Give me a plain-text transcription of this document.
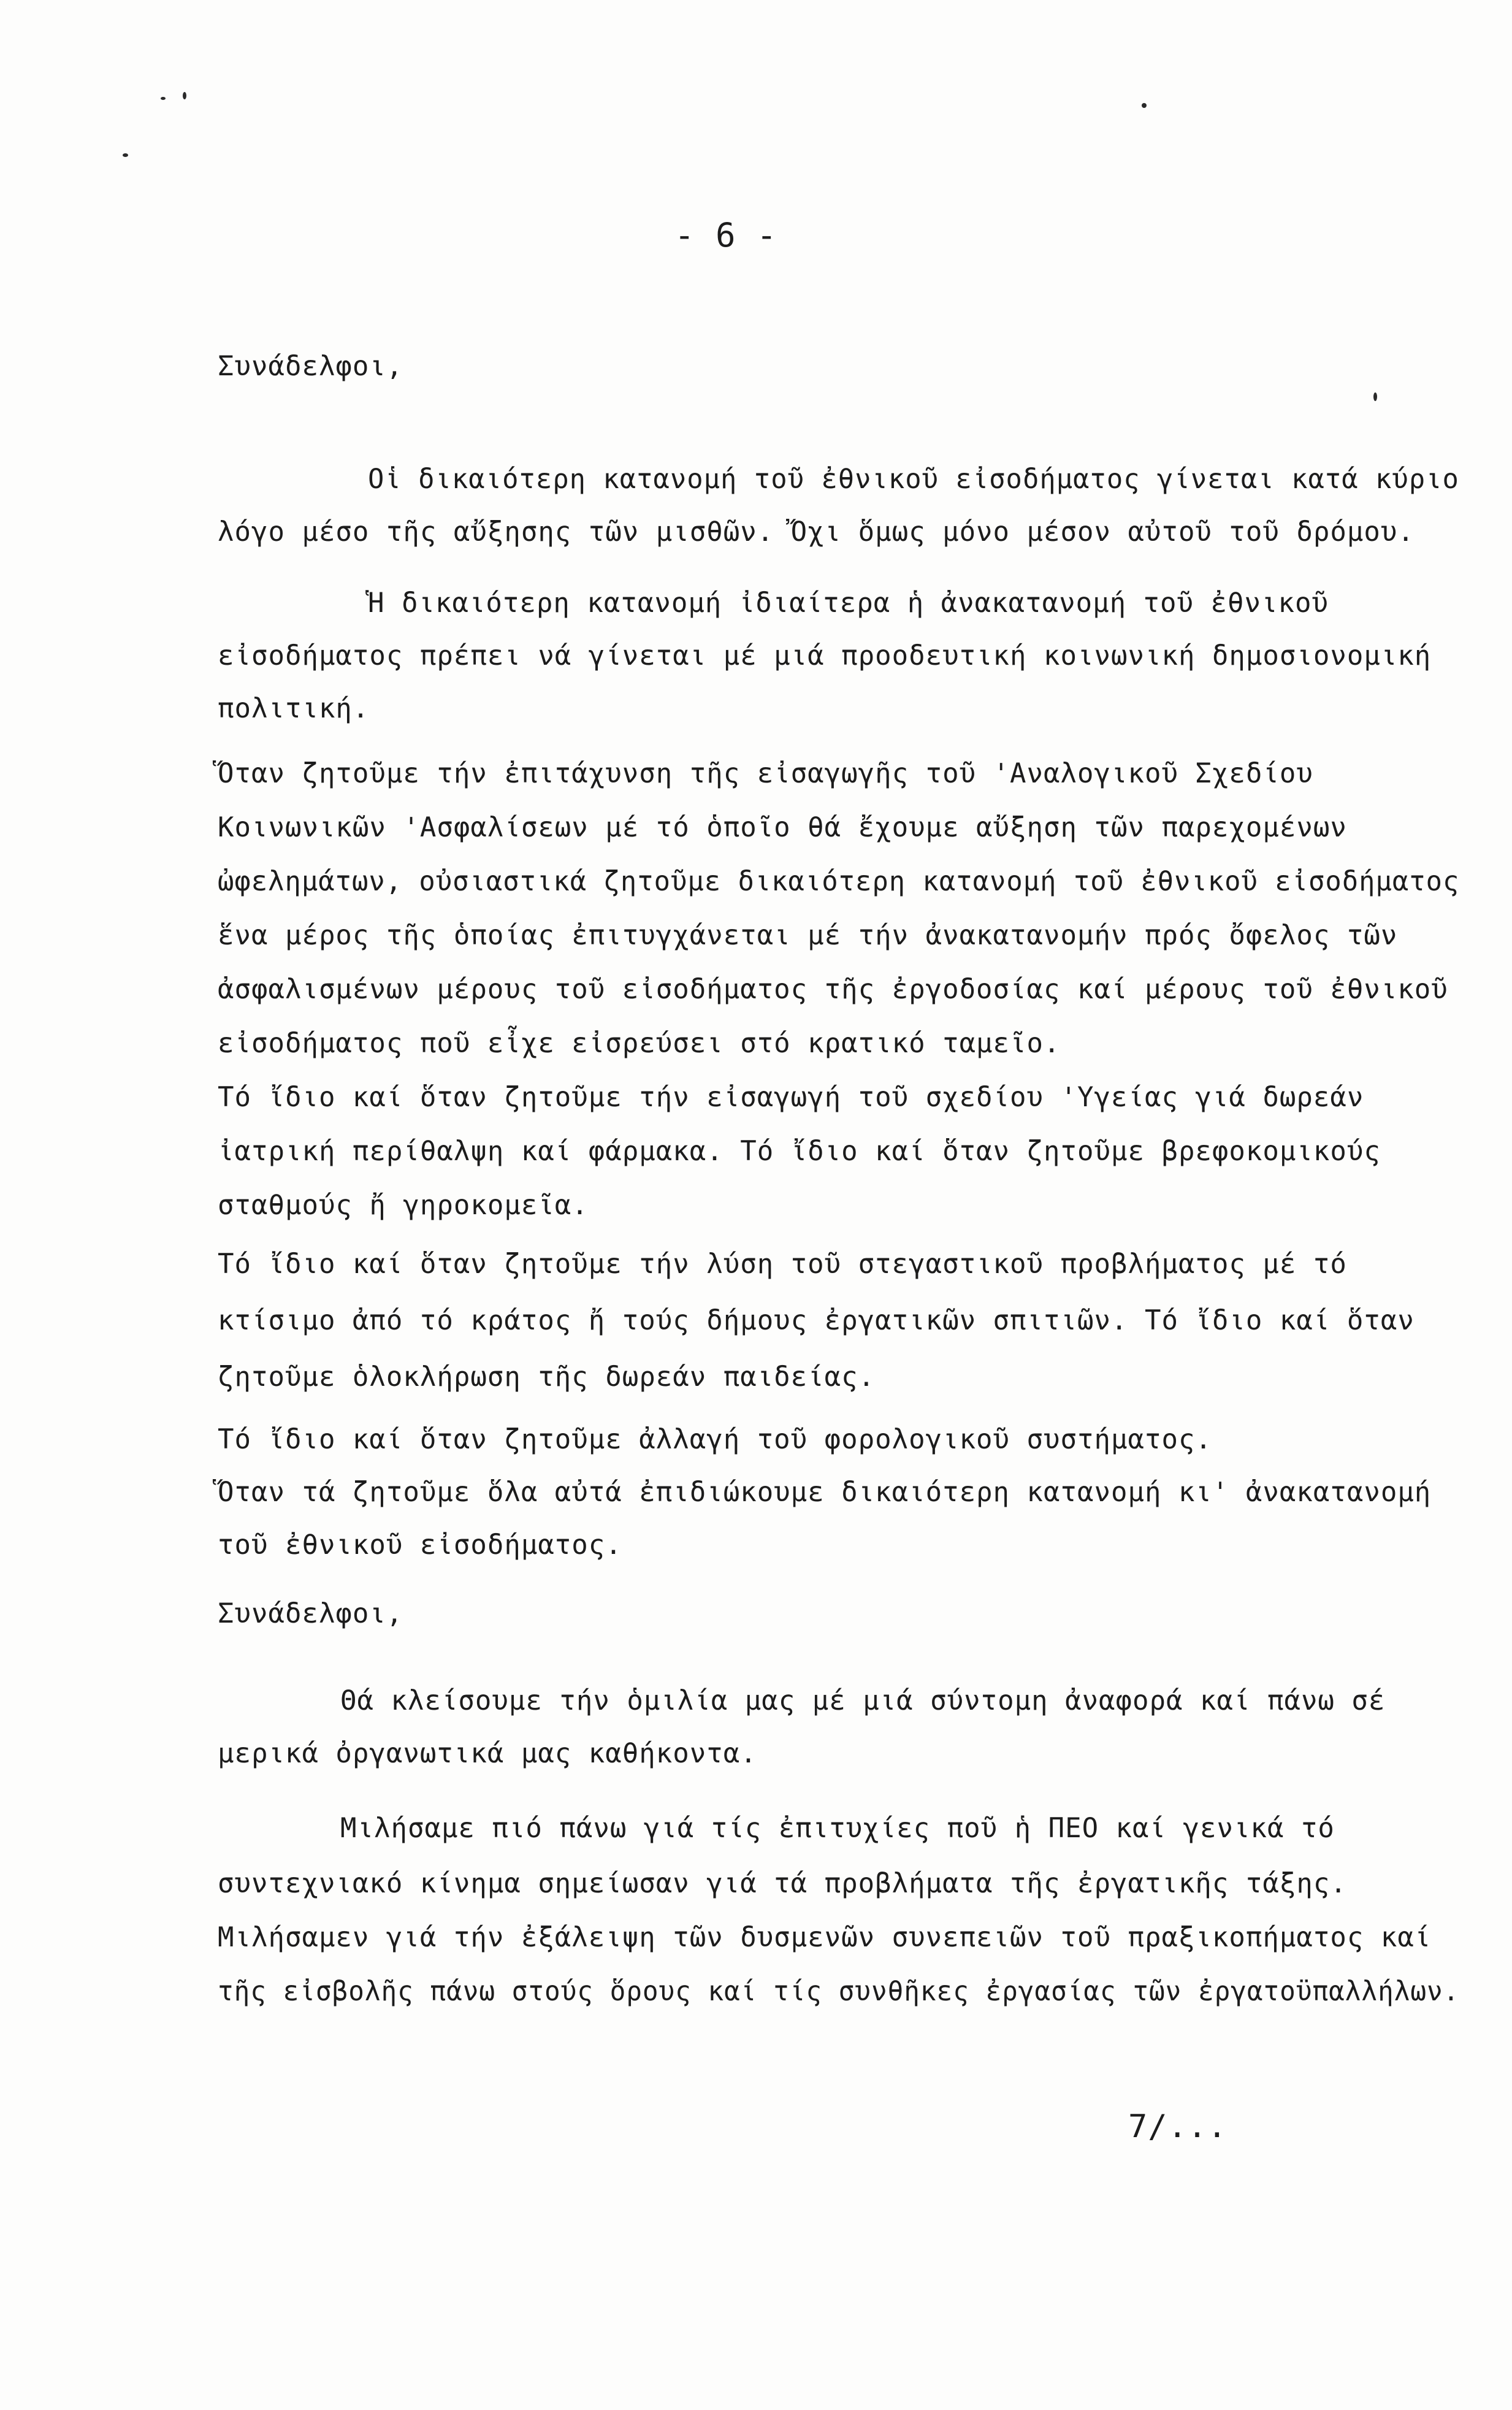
- 6 -
Συνάδελφοι,
Οἱ δικαιότερη κατανομή τοῦ ἐθνικοῦ εἰσοδήματος γίνεται κατά κύριο
λόγο μέσο τῆς αὔξησης τῶν μισθῶν. Ὄχι ὅμως μόνο μέσον αὐτοῦ τοῦ δρόμου.
Ἡ δικαιότερη κατανομή ἰδιαίτερα ἡ ἀνακατανομή τοῦ ἐθνικοῦ
εἰσοδήματος πρέπει νά γίνεται μέ μιά προοδευτική κοινωνική δημοσιονομική
πολιτική.
Ὅταν ζητοῦμε τήν ἐπιτάχυνση τῆς εἰσαγωγῆς τοῦ 'Αναλογικοῦ Σχεδίου
Κοινωνικῶν 'Ασφαλίσεων μέ τό ὁποῖο θά ἔχουμε αὔξηση τῶν παρεχομένων
ὠφελημάτων, οὐσιαστικά ζητοῦμε δικαιότερη κατανομή τοῦ ἐθνικοῦ εἰσοδήματος
ἕνα μέρος τῆς ὁποίας ἐπιτυγχάνεται μέ τήν ἀνακατανομήν πρός ὄφελος τῶν
ἀσφαλισμένων μέρους τοῦ εἰσοδήματος τῆς ἐργοδοσίας καί μέρους τοῦ ἐθνικοῦ
εἰσοδήματος ποῦ εἶχε εἰσρεύσει στό κρατικό ταμεῖο.
Τό ἴδιο καί ὅταν ζητοῦμε τήν εἰσαγωγή τοῦ σχεδίου 'Υγείας γιά δωρεάν
ἰατρική περίθαλψη καί φάρμακα. Τό ἴδιο καί ὅταν ζητοῦμε βρεφοκομικούς
σταθμούς ἤ γηροκομεῖα.
Τό ἴδιο καί ὅταν ζητοῦμε τήν λύση τοῦ στεγαστικοῦ προβλήματος μέ τό
κτίσιμο ἀπό τό κράτος ἤ τούς δήμους ἐργατικῶν σπιτιῶν. Τό ἴδιο καί ὅταν
ζητοῦμε ὁλοκλήρωση τῆς δωρεάν παιδείας.
Τό ἴδιο καί ὅταν ζητοῦμε ἀλλαγή τοῦ φορολογικοῦ συστήματος.
Ὅταν τά ζητοῦμε ὅλα αὐτά ἐπιδιώκουμε δικαιότερη κατανομή κι' ἀνακατανομή
τοῦ ἐθνικοῦ εἰσοδήματος.
Συνάδελφοι,
Θά κλείσουμε τήν ὁμιλία μας μέ μιά σύντομη ἀναφορά καί πάνω σέ
μερικά ὀργανωτικά μας καθήκοντα.
Μιλήσαμε πιό πάνω γιά τίς ἐπιτυχίες ποῦ ἡ ΠΕΟ καί γενικά τό
συντεχνιακό κίνημα σημείωσαν γιά τά προβλήματα τῆς ἐργατικῆς τάξης.
Μιλήσαμεν γιά τήν ἐξάλειψη τῶν δυσμενῶν συνεπειῶν τοῦ πραξικοπήματος καί
τῆς εἰσβολῆς πάνω στούς ὅρους καί τίς συνθῆκες ἐργασίας τῶν ἐργατοϋπαλλήλων.
7/...
